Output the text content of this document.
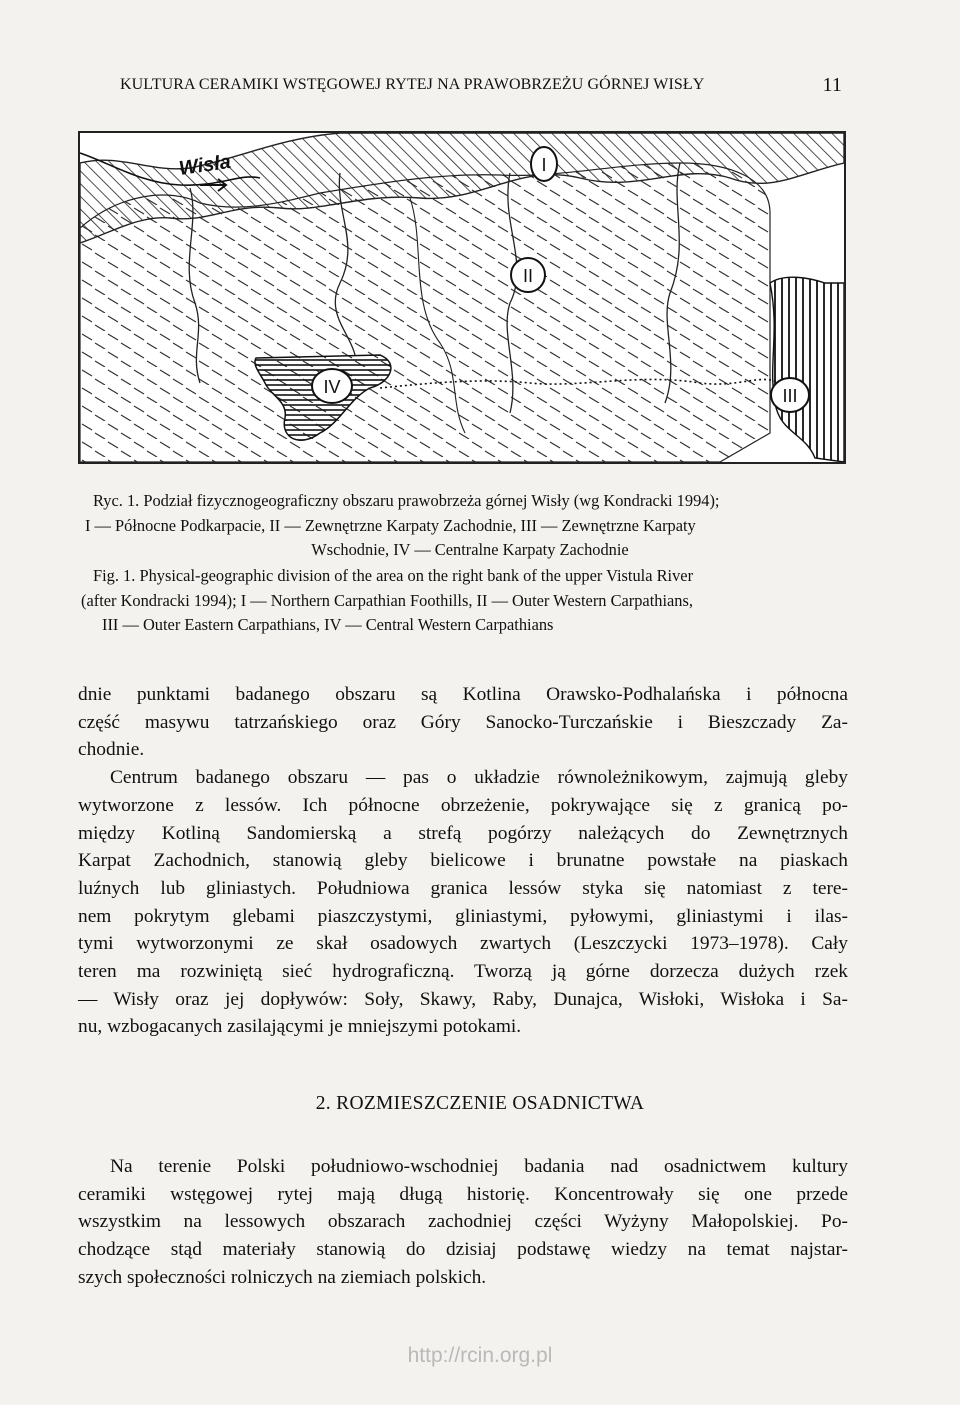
KULTURA CERAMIKI WSTĘGOWEJ RYTEJ NA PRAWOBRZEŻU GÓRNEJ WISŁY	11
Wisła	I
II
III
IV
Ryc. 1. Podział fizycznogeograficzny obszaru prawobrzeża górnej Wisły (wg Kondracki 1994);
I — Północne Podkarpacie, II — Zewnętrzne Karpaty Zachodnie, III — Zewnętrzne Karpaty
Wschodnie, IV — Centralne Karpaty Zachodnie
Fig. 1. Physical-geographic division of the area on the right bank of the upper Vistula River
(after Kondracki 1994); I — Northern Carpathian Foothills, II — Outer Western Carpathians,
III — Outer Eastern Carpathians, IV — Central Western Carpathians
dnie punktami badanego obszaru są Kotlina Orawsko-Podhalańska i północna
część masywu tatrzańskiego oraz Góry Sanocko-Turczańskie i Bieszczady Za-
chodnie.
Centrum badanego obszaru — pas o układzie równoleżnikowym, zajmują gleby
wytworzone z lessów. Ich północne obrzeżenie, pokrywające się z granicą po-
między Kotliną Sandomierską a strefą pogórzy należących do Zewnętrznych
Karpat Zachodnich, stanowią gleby bielicowe i brunatne powstałe na piaskach
luźnych lub gliniastych. Południowa granica lessów styka się natomiast z tere-
nem pokrytym glebami piaszczystymi, gliniastymi, pyłowymi, gliniastymi i ilas-
tymi wytworzonymi ze skał osadowych zwartych (Leszczycki 1973–1978). Cały
teren ma rozwiniętą sieć hydrograficzną. Tworzą ją górne dorzecza dużych rzek
— Wisły oraz jej dopływów: Soły, Skawy, Raby, Dunajca, Wisłoki, Wisłoka i Sa-
nu, wzbogacanych zasilającymi je mniejszymi potokami.
2. ROZMIESZCZENIE OSADNICTWA
Na terenie Polski południowo-wschodniej badania nad osadnictwem kultury
ceramiki wstęgowej rytej mają długą historię. Koncentrowały się one przede
wszystkim na lessowych obszarach zachodniej części Wyżyny Małopolskiej. Po-
chodzące stąd materiały stanowią do dzisiaj podstawę wiedzy na temat najstar-
szych społeczności rolniczych na ziemiach polskich.
http://rcin.org.pl
